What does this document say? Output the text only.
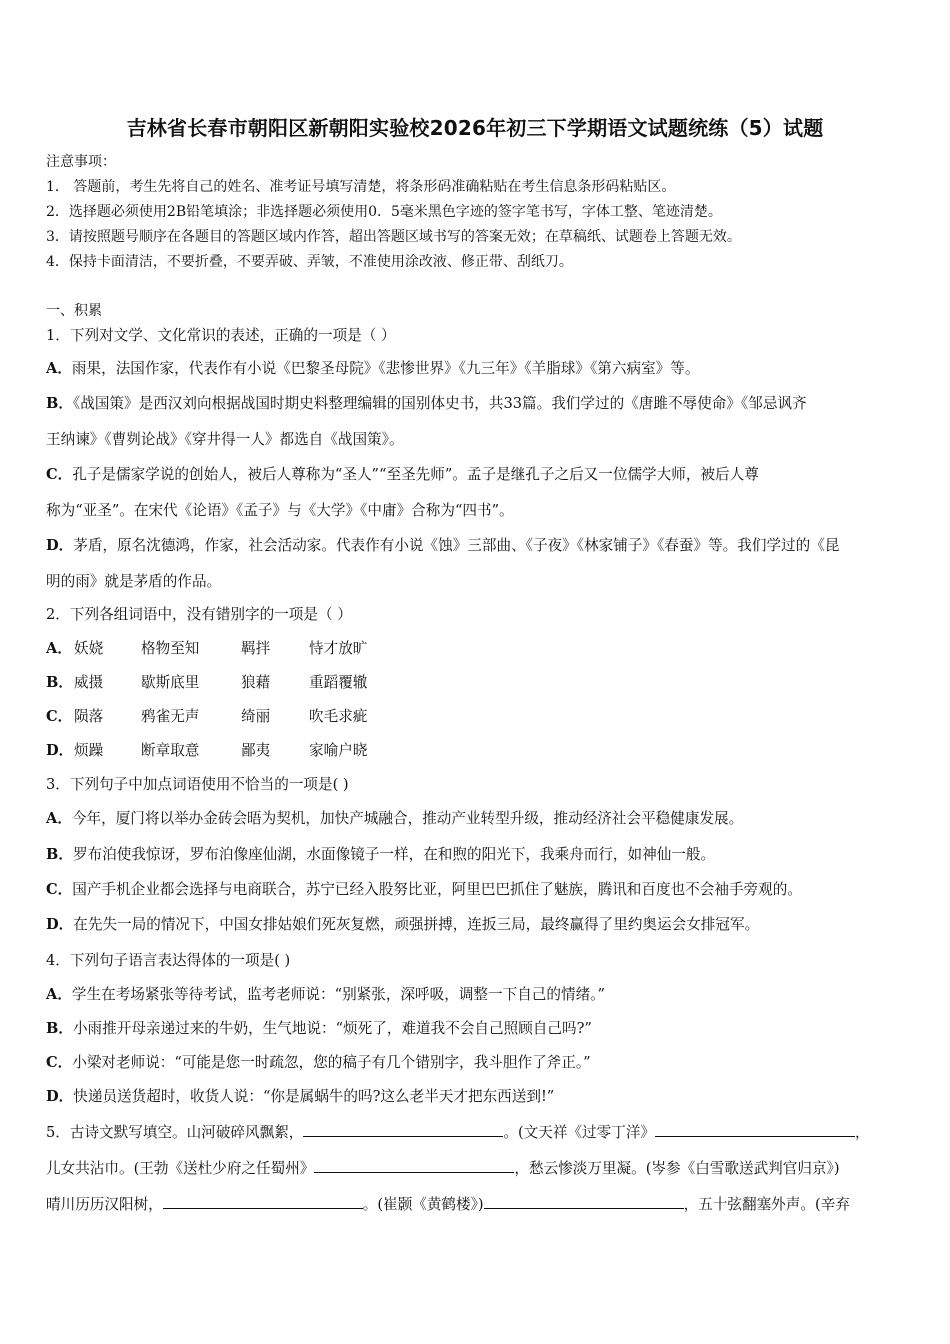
吉林省长春市朝阳区新朝阳实验校2026年初三下学期语文试题统练（5）试题
注意事项：
1． 答题前，考生先将自己的姓名、准考证号填写清楚，将条形码准确粘贴在考生信息条形码粘贴区。
2．选择题必须使用2B铅笔填涂；非选择题必须使用0．5毫米黑色字迹的签字笔书写，字体工整、笔迹清楚。
3．请按照题号顺序在各题目的答题区域内作答，超出答题区域书写的答案无效；在草稿纸、试题卷上答题无效。
4．保持卡面清洁，不要折叠，不要弄破、弄皱，不准使用涂改液、修正带、刮纸刀。
一、积累
1．下列对文学、文化常识的表述，正确的一项是（ ）
A．雨果，法国作家，代表作有小说《巴黎圣母院》《悲惨世界》《九三年》《羊脂球》《第六病室》等。
B．《战国策》是西汉刘向根据战国时期史料整理编辑的国别体史书，共33篇。我们学过的《唐雎不辱使命》《邹忌讽齐
王纳谏》《曹刿论战》《穿井得一人》都选自《战国策》。
C．孔子是儒家学说的创始人，被后人尊称为“圣人”“至圣先师”。孟子是继孔子之后又一位儒学大师，被后人尊
称为“亚圣”。在宋代《论语》《孟子》与《大学》《中庸》合称为“四书”。
D．茅盾，原名沈德鸿，作家，社会活动家。代表作有小说《蚀》三部曲、《子夜》《林家铺子》《春蚕》等。我们学过的《昆
明的雨》就是茅盾的作品。
2．下列各组词语中，没有错别字的一项是（ ）
A． 妖娆	格物至知	羁拌	恃才放旷
B． 威摄	歇斯底里	狼藉	重蹈覆辙
C． 陨落	鸦雀无声	绮丽	吹毛求疵
D． 烦躁	断章取意	鄙夷	家喻户晓
3．下列句子中加点词语使用不恰当的一项是( )
A．今年，厦门将以举办金砖会晤为契机，加快产城融合，推动产业转型升级，推动经济社会平稳健康发展。
B．罗布泊使我惊讶，罗布泊像座仙湖，水面像镜子一样，在和煦的阳光下，我乘舟而行，如神仙一般。
C．国产手机企业都会选择与电商联合，苏宁已经入股努比亚，阿里巴巴抓住了魅族，腾讯和百度也不会袖手旁观的。
D．在先失一局的情况下，中国女排姑娘们死灰复燃，顽强拼搏，连扳三局，最终赢得了里约奥运会女排冠军。
4．下列句子语言表达得体的一项是( )
A．学生在考场紧张等待考试，监考老师说：“别紧张，深呼吸，调整一下自己的情绪。”
B．小雨推开母亲递过来的牛奶，生气地说：“烦死了，难道我不会自己照顾自己吗?”
C．小梁对老师说：“可能是您一时疏忽，您的稿子有几个错别字，我斗胆作了斧正。”
D．快递员送货超时，收货人说：“你是属蜗牛的吗?这么老半天才把东西送到!”
5．古诗文默写填空。山河破碎风飘絮，	。(文天祥《过零丁洋》	，
儿女共沾巾。(王勃《送杜少府之任蜀州》	，愁云惨淡万里凝。(岑参《白雪歌送武判官归京》)
晴川历历汉阳树，	。(崔颢《黄鹤楼》)	，五十弦翻塞外声。(辛弃
